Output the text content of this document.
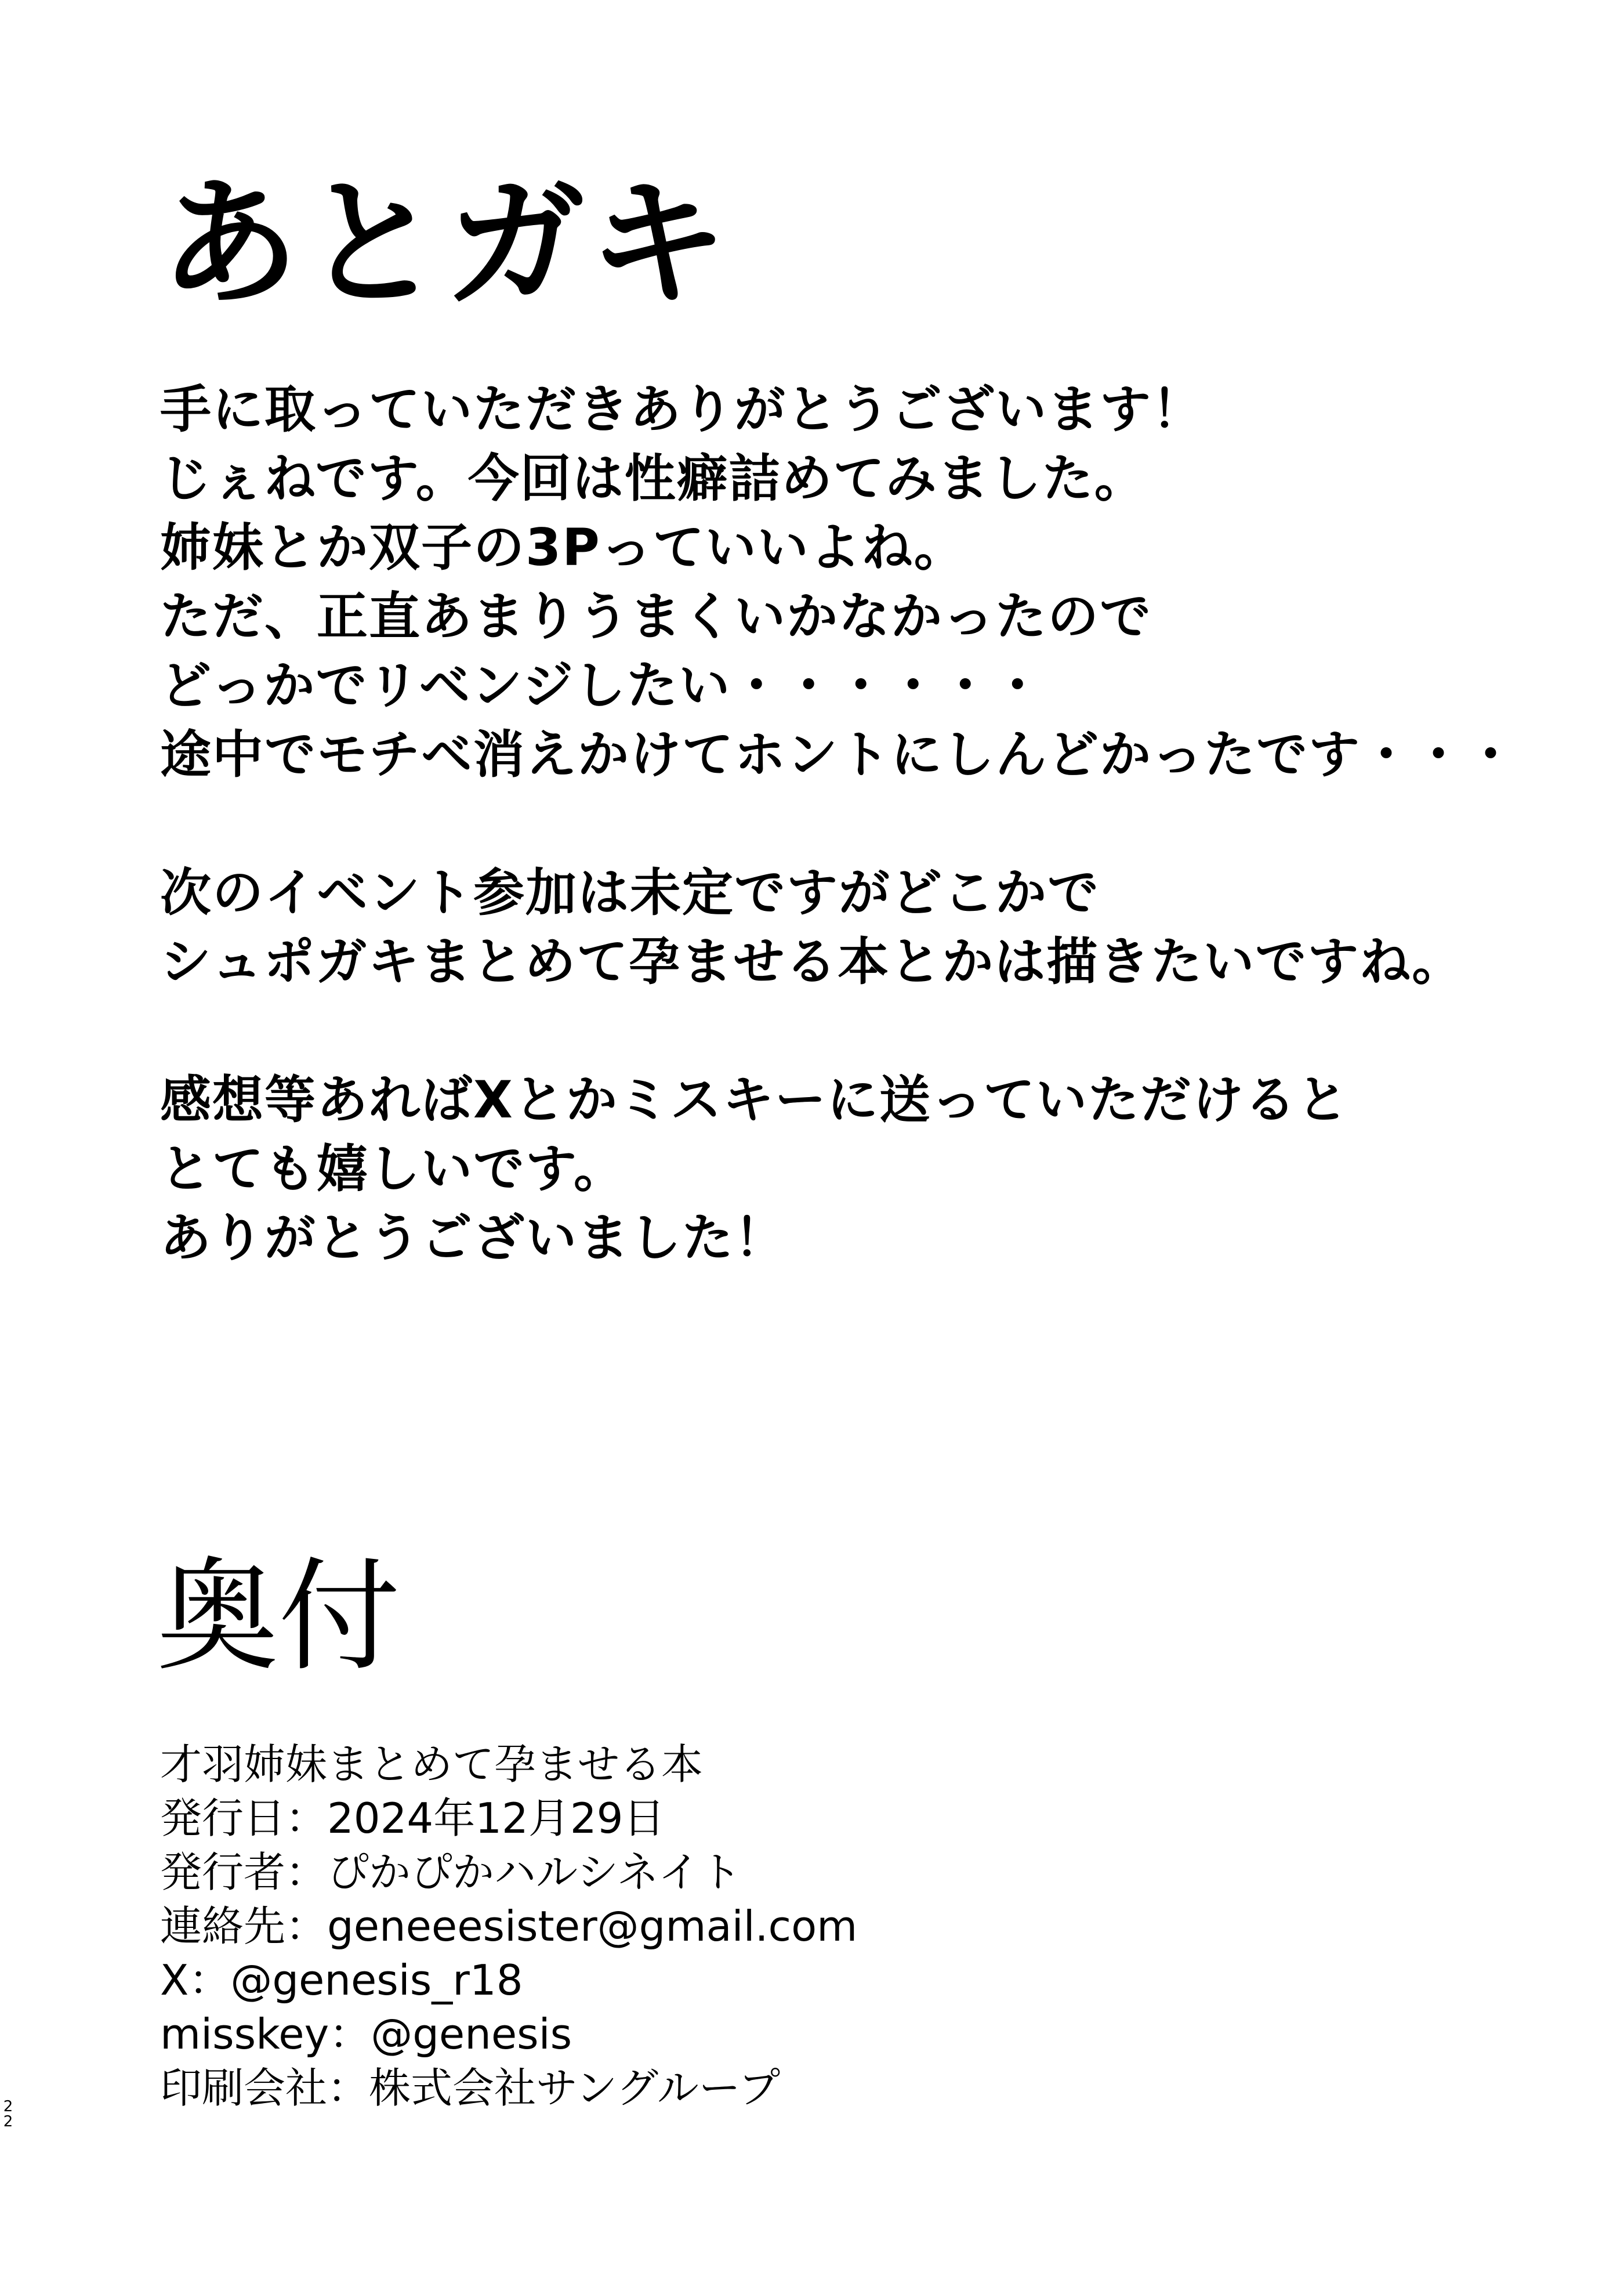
あとガキ
手に取っていただきありがとうございます！
じぇねです。今回は性癖詰めてみました。
姉妹とか双子の3Pっていいよね。
ただ、正直あまりうまくいかなかったので
どっかでリベンジしたい・・・・・・
途中でモチベ消えかけてホントにしんどかったです・・・
次のイベント参加は未定ですがどこかで
シュポガキまとめて孕ませる本とかは描きたいですね。
感想等あればXとかミスキーに送っていただけると
とても嬉しいです。
ありがとうございました！
奥付
才羽姉妹まとめて孕ませる本
発行日：2024年12月29日
発行者：ぴかぴかハルシネイト
連絡先：geneeesister@gmail.com
X：@genesis_r18
misskey：@genesis
印刷会社：株式会社サングループ
22
